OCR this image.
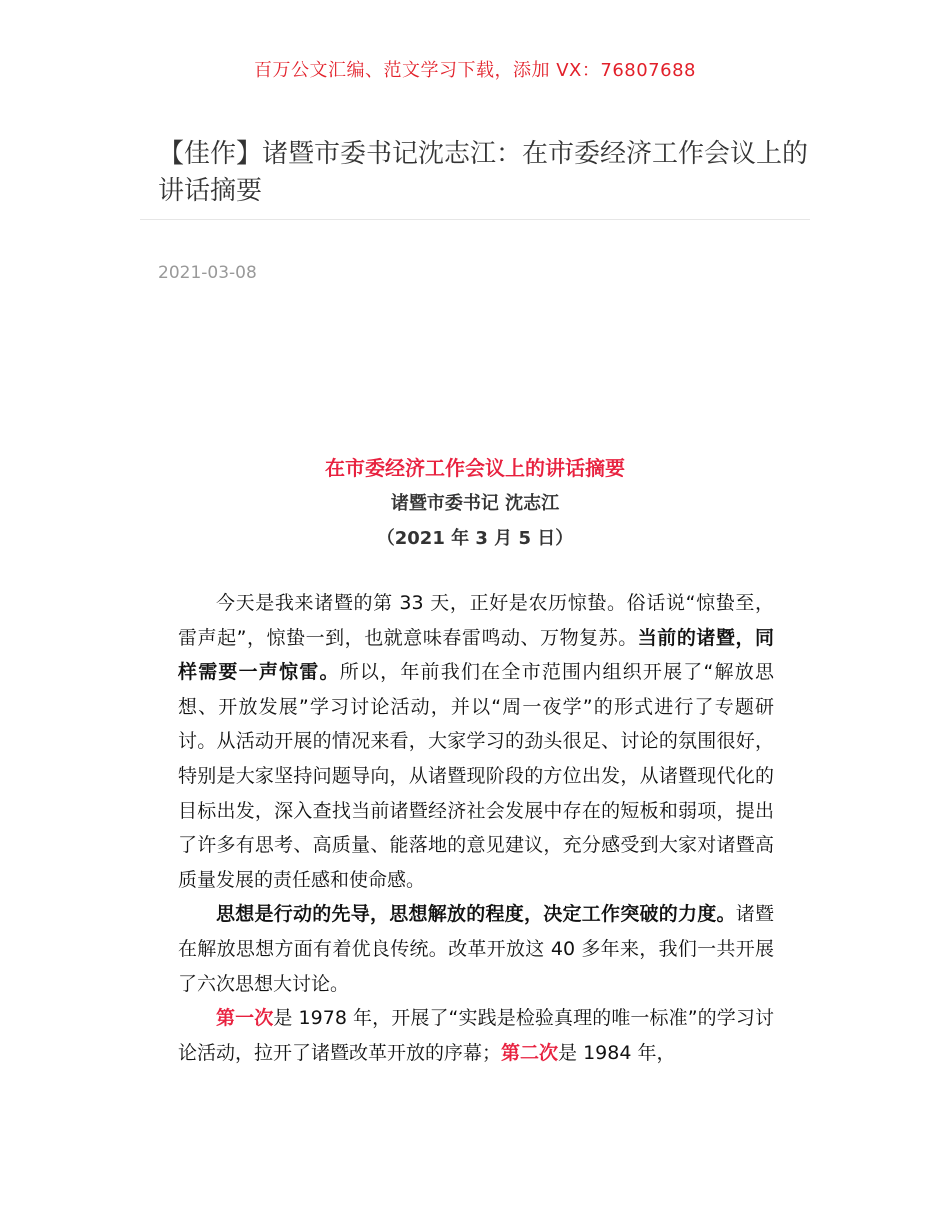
百万公文汇编、范文学习下载，添加 VX：76807688
【佳作】诸暨市委书记沈志江：在市委经济工作会议上的讲话摘要
2021-03-08
在市委经济工作会议上的讲话摘要
诸暨市委书记 沈志江
（2021 年 3 月 5 日）

今天是我来诸暨的第 33 天，正好是农历惊蛰。俗话说“惊蛰至，雷声起”，惊蛰一到，也就意味春雷鸣动、万物复苏。当前的诸暨，同样需要一声惊雷。所以，年前我们在全市范围内组织开展了“解放思想、开放发展”学习讨论活动，并以“周一夜学”的形式进行了专题研讨。从活动开展的情况来看，大家学习的劲头很足、讨论的氛围很好，特别是大家坚持问题导向，从诸暨现阶段的方位出发，从诸暨现代化的目标出发，深入查找当前诸暨经济社会发展中存在的短板和弱项，提出了许多有思考、高质量、能落地的意见建议，充分感受到大家对诸暨高质量发展的责任感和使命感。

思想是行动的先导，思想解放的程度，决定工作突破的力度。诸暨在解放思想方面有着优良传统。改革开放这 40 多年来，我们一共开展了六次思想大讨论。

第一次是 1978 年，开展了“实践是检验真理的唯一标准”的学习讨论活动，拉开了诸暨改革开放的序幕；第二次是 1984 年，
